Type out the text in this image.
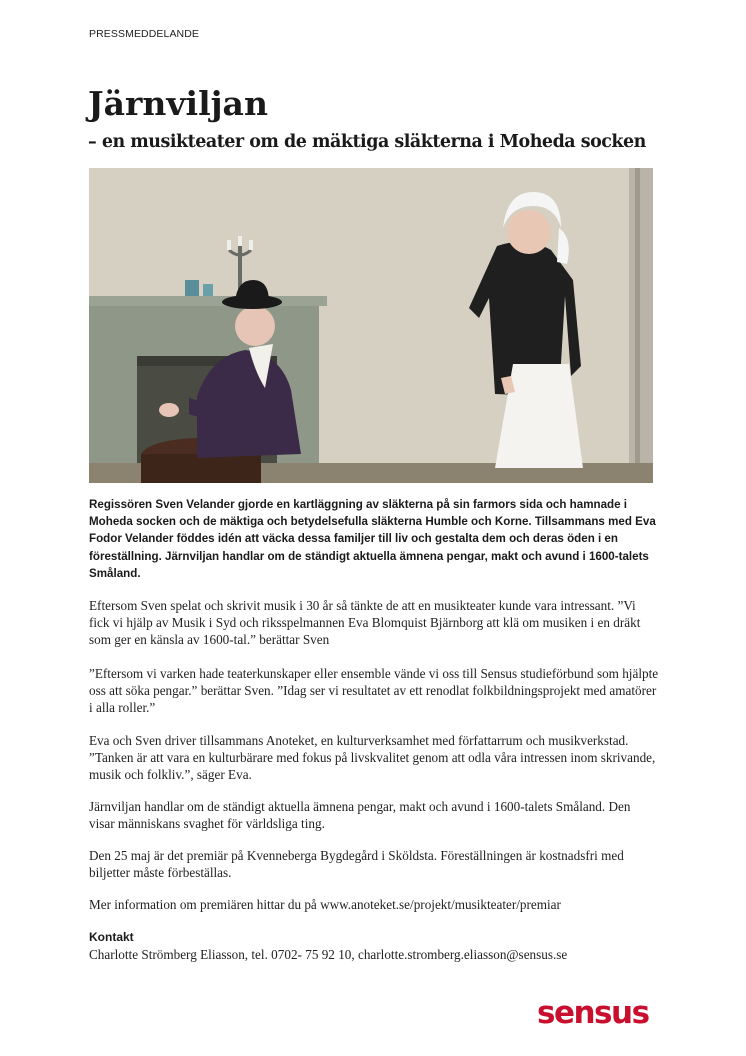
PRESSMEDDELANDE
Järnviljan
– en musikteater om de mäktiga släkterna i Moheda socken

Regissören Sven Velander gjorde en kartläggning av släkterna på sin farmors sida och hamnade i Moheda socken och de mäktiga och betydelsefulla släkterna Humble och Korne. Tillsammans med Eva Fodor Velander föddes idén att väcka dessa familjer till liv och gestalta dem och deras öden i en föreställning. Järnviljan handlar om de ständigt aktuella ämnena pengar, makt och avund i 1600-talets Småland.

Eftersom Sven spelat och skrivit musik i 30 år så tänkte de att en musikteater kunde vara intressant. ”Vi fick vi hjälp av Musik i Syd och riksspelmannen Eva Blomquist Bjärnborg att klä om musiken i en dräkt som ger en känsla av 1600-tal.” berättar Sven

”Eftersom vi varken hade teaterkunskaper eller ensemble vände vi oss till Sensus studieförbund som hjälpte oss att söka pengar.” berättar Sven. ”Idag ser vi resultatet av ett renodlat folkbildningsprojekt med amatörer i alla roller.”

Eva och Sven driver tillsammans Anoteket, en kulturverksamhet med författarrum och musikverkstad. ”Tanken är att vara en kulturbärare med fokus på livskvalitet genom att odla våra intressen inom skrivande, musik och folkliv.”, säger Eva.

Järnviljan handlar om de ständigt aktuella ämnena pengar, makt och avund i 1600-talets Småland. Den visar människans svaghet för världsliga ting.

Den 25 maj är det premiär på Kvenneberga Bygdegård i Sköldsta. Föreställningen är kostnadsfri med biljetter måste förbeställas.

Mer information om premiären hittar du på www.anoteket.se/projekt/musikteater/premiar

Kontakt
Charlotte Strömberg Eliasson, tel. 0702- 75 92 10, charlotte.stromberg.eliasson@sensus.se
sensus
